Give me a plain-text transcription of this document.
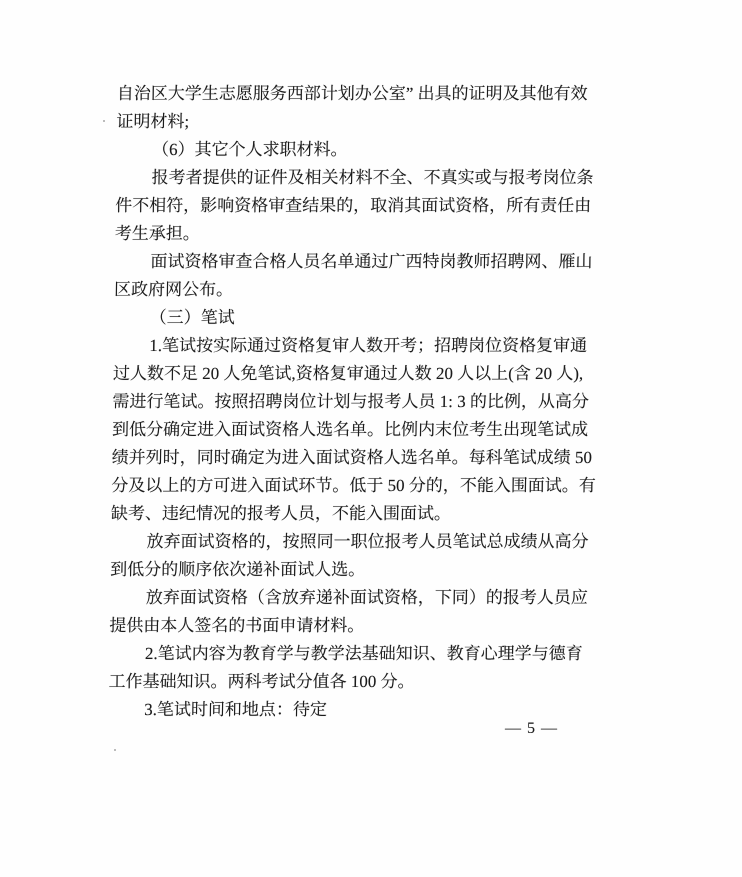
自治区大学生志愿服务西部计划办公室” 出具的证明及其他有效
证明材料;
（6）其它个人求职材料。
报考者提供的证件及相关材料不全、不真实或与报考岗位条
件不相符，影响资格审查结果的，取消其面试资格，所有责任由
考生承担。
面试资格审查合格人员名单通过广西特岗教师招聘网、雁山
区政府网公布。
（三）笔试
1.笔试按实际通过资格复审人数开考；招聘岗位资格复审通
过人数不足 20 人免笔试,资格复审通过人数 20 人以上(含 20 人),
需进行笔试。按照招聘岗位计划与报考人员 1: 3 的比例，从高分
到低分确定进入面试资格人选名单。比例内末位考生出现笔试成
绩并列时，同时确定为进入面试资格人选名单。每科笔试成绩 50
分及以上的方可进入面试环节。低于 50 分的，不能入围面试。有
缺考、违纪情况的报考人员，不能入围面试。
放弃面试资格的，按照同一职位报考人员笔试总成绩从高分
到低分的顺序依次递补面试人选。
放弃面试资格（含放弃递补面试资格，下同）的报考人员应
提供由本人签名的书面申请材料。
2.笔试内容为教育学与教学法基础知识、教育心理学与德育
工作基础知识。两科考试分值各 100 分。
3.笔试时间和地点：待定
— 5 —
